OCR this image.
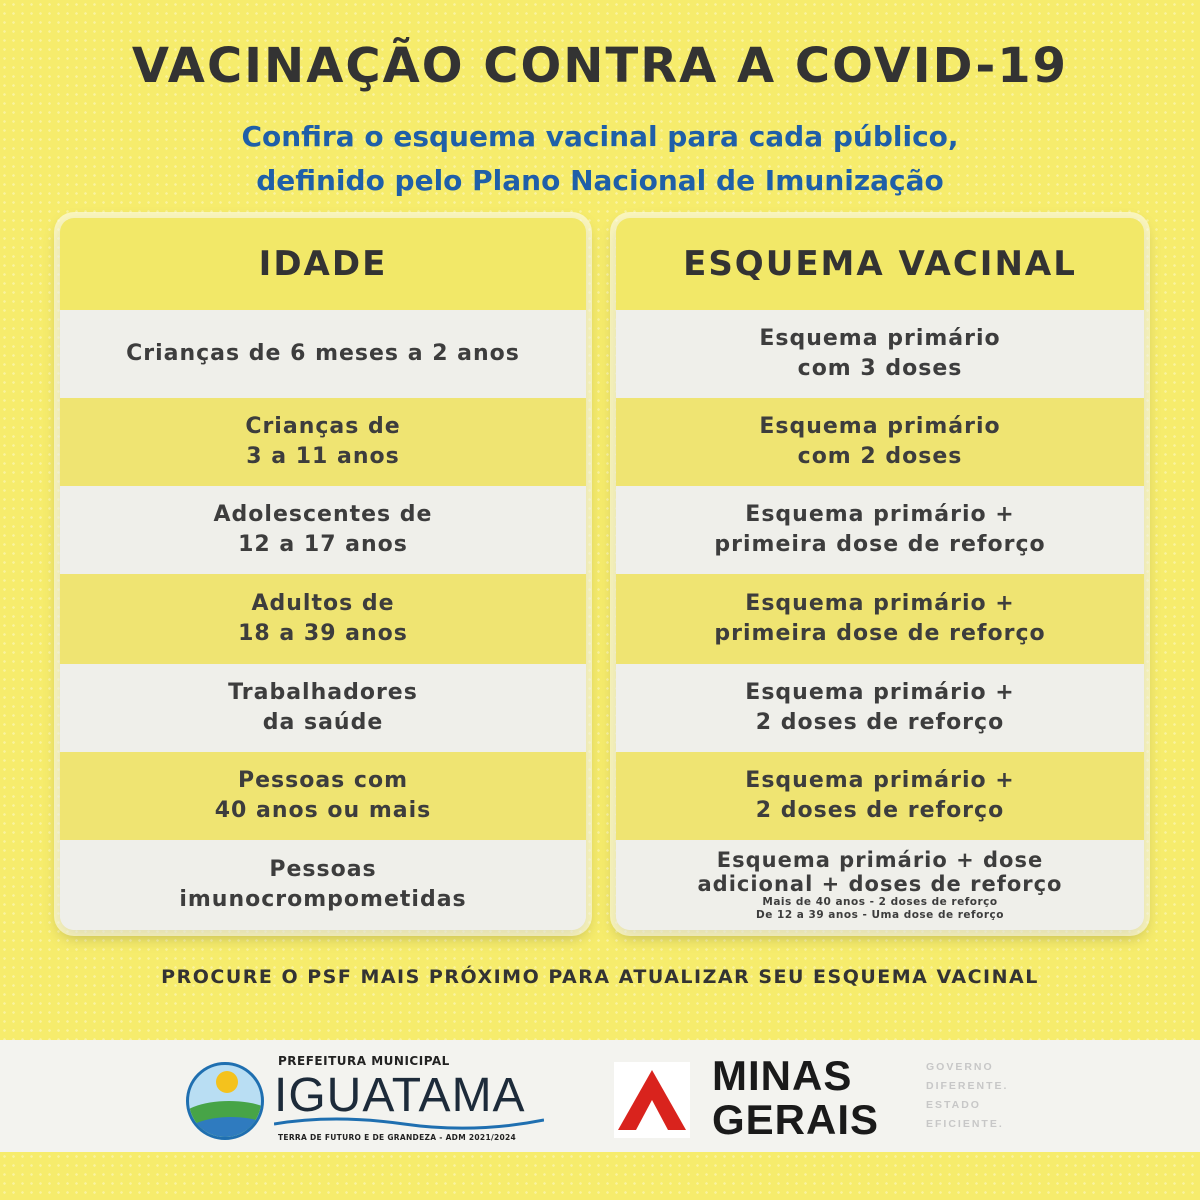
VACINAÇÃO CONTRA A COVID-19
Confira o esquema vacinal para cada público,
definido pelo Plano Nacional de Imunização
IDADE
Crianças de 6 meses a 2 anos
Crianças de
3 a 11 anos
Adolescentes de
12 a 17 anos
Adultos de
18 a 39 anos
Trabalhadores
da saúde
Pessoas com
40 anos ou mais
Pessoas
imunocrompometidas
ESQUEMA VACINAL
Esquema primário
com 3 doses
Esquema primário
com 2 doses
Esquema primário +
primeira dose de reforço
Esquema primário +
primeira dose de reforço
Esquema primário +
2 doses de reforço
Esquema primário +
2 doses de reforço
Esquema primário + dose
adicional + doses de reforço
Mais de 40 anos - 2 doses de reforço
De 12 a 39 anos - Uma dose de reforço
PROCURE O PSF MAIS PRÓXIMO PARA ATUALIZAR SEU ESQUEMA VACINAL
PREFEITURA MUNICIPAL
IGUATAMA
TERRA DE FUTURO E DE GRANDEZA - ADM 2021/2024
MINAS
GERAIS
GOVERNO
DIFERENTE.
ESTADO
EFICIENTE.
